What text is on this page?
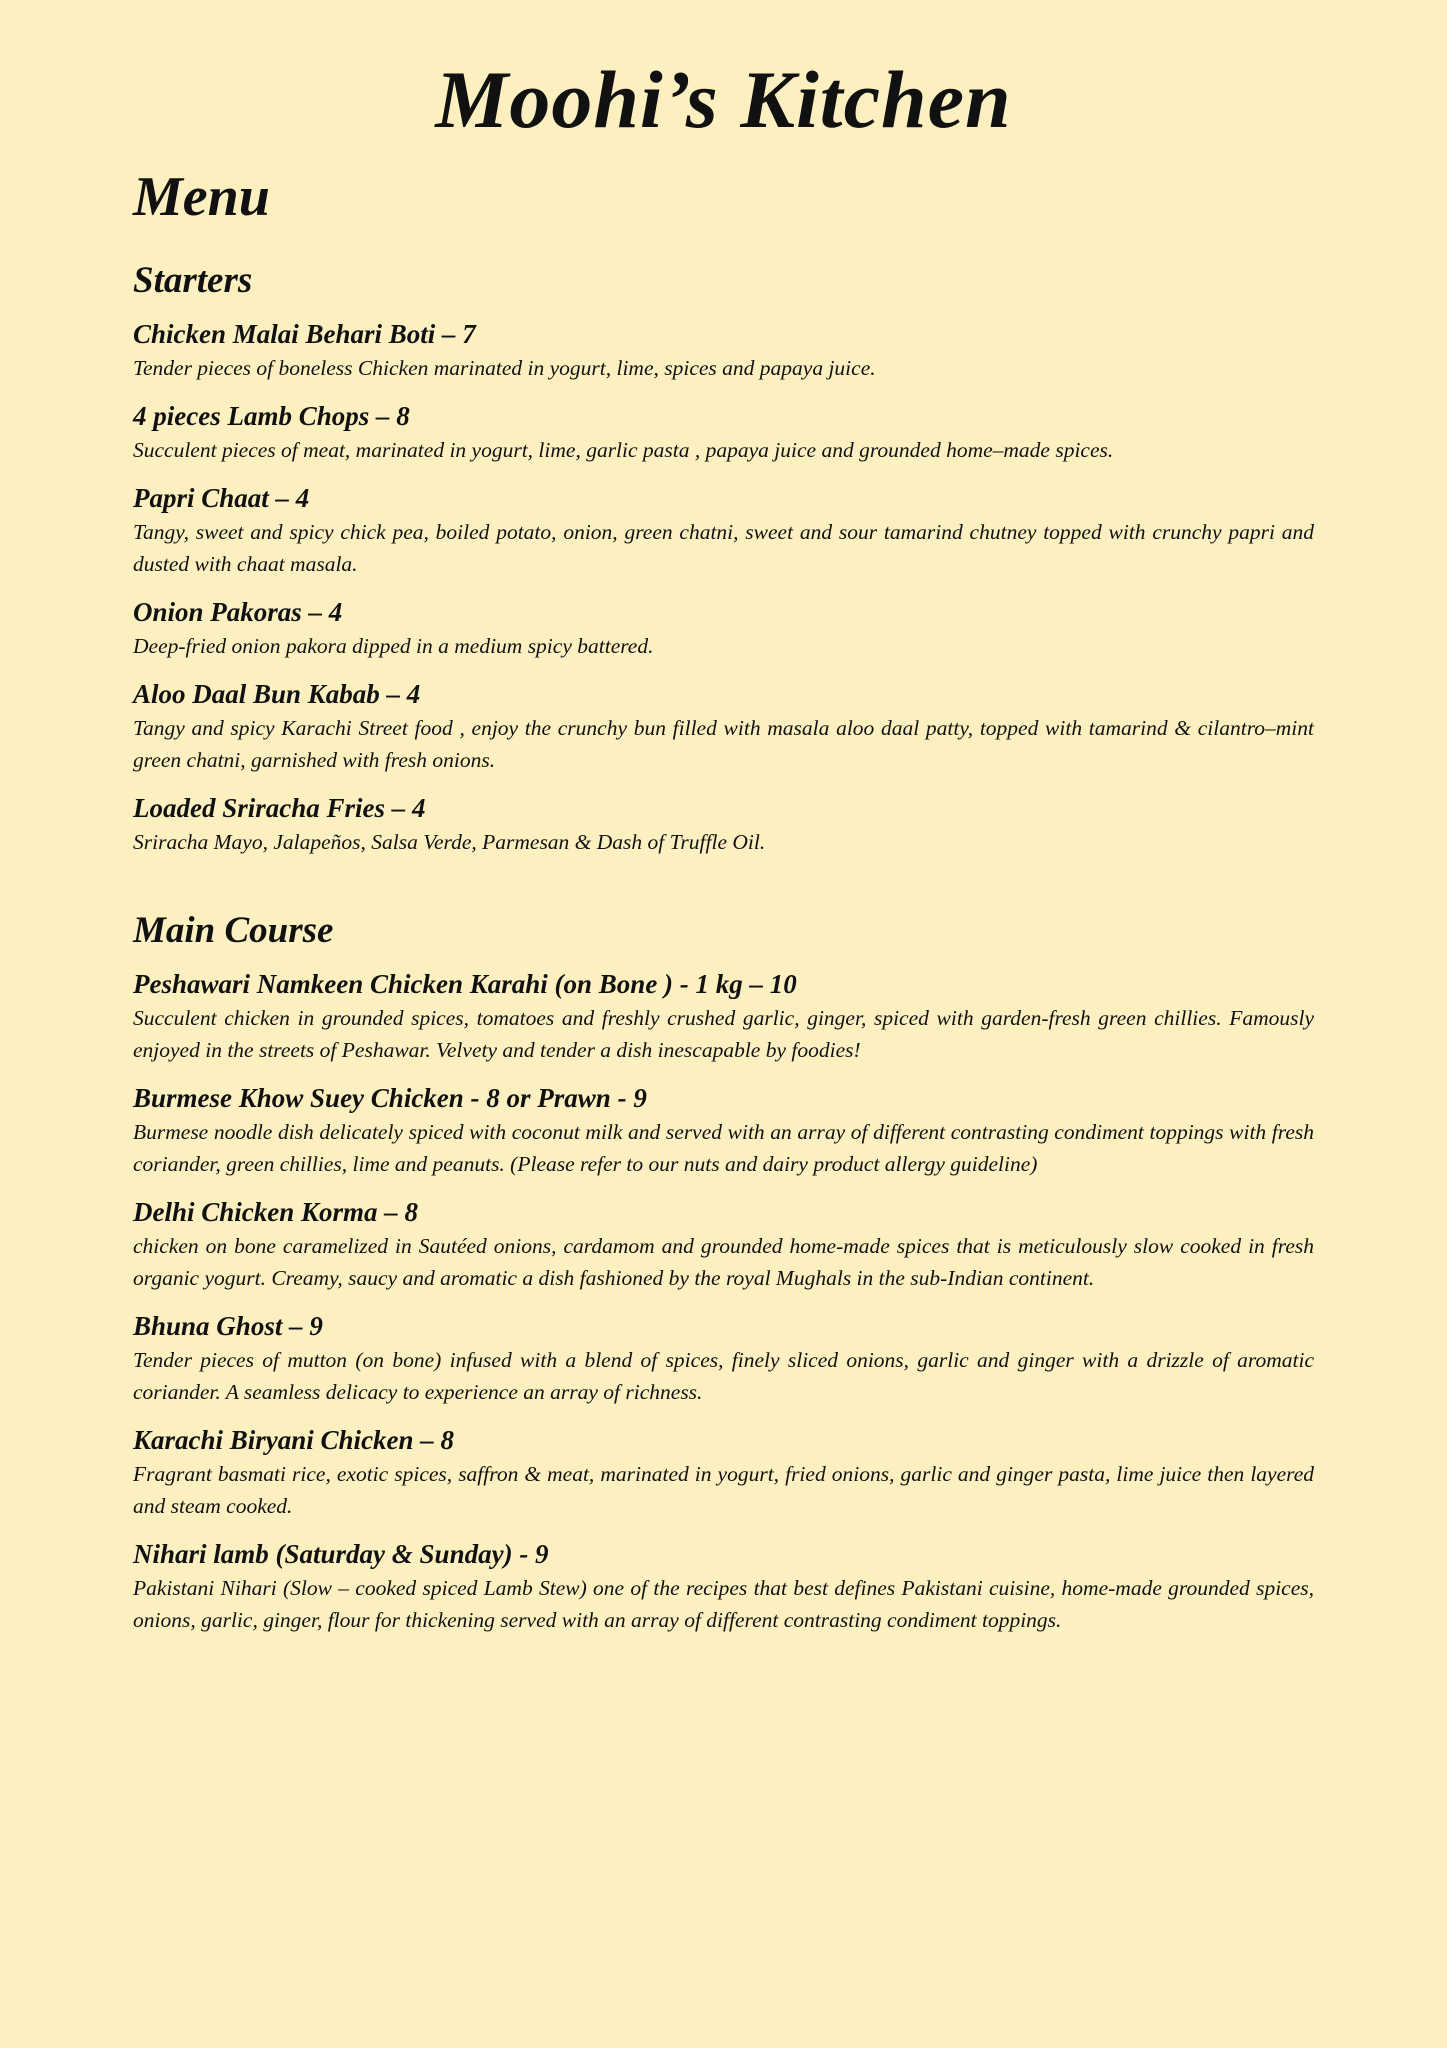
Moohi’s Kitchen
Menu
Starters
Chicken Malai Behari Boti – 7
Tender pieces of boneless Chicken marinated in yogurt, lime, spices and papaya juice.
4 pieces Lamb Chops – 8
Succulent pieces of meat, marinated in yogurt, lime, garlic pasta , papaya juice and grounded home–made spices.
Papri Chaat – 4
Tangy, sweet and spicy chick pea, boiled potato, onion, green chatni, sweet and sour tamarind chutney topped with crunchy papri and dusted with chaat masala.
Onion Pakoras – 4
Deep-fried onion pakora dipped in a medium spicy battered.
Aloo Daal Bun Kabab – 4
Tangy and spicy Karachi Street food , enjoy the crunchy bun filled with masala aloo daal patty, topped with tamarind & cilantro–mint green chatni, garnished with fresh onions.
Loaded Sriracha Fries – 4
Sriracha Mayo, Jalapeños, Salsa Verde, Parmesan & Dash of Truffle Oil.
Main Course
Peshawari Namkeen Chicken Karahi (on Bone ) - 1 kg – 10
Succulent chicken in grounded spices, tomatoes and freshly crushed garlic, ginger, spiced with garden-fresh green chillies. Famously enjoyed in the streets of Peshawar. Velvety and tender a dish inescapable by foodies!
Burmese Khow Suey Chicken - 8 or Prawn - 9
Burmese noodle dish delicately spiced with coconut milk and served with an array of different contrasting condiment toppings with fresh coriander, green chillies, lime and peanuts. (Please refer to our nuts and dairy product allergy guideline)
Delhi Chicken Korma – 8
chicken on bone caramelized in Sautéed onions, cardamom and grounded home-made spices that is meticulously slow cooked in fresh organic yogurt. Creamy, saucy and aromatic a dish fashioned by the royal Mughals in the sub-Indian continent.
Bhuna Ghost – 9
Tender pieces of mutton (on bone) infused with a blend of spices, finely sliced onions, garlic and ginger with a drizzle of aromatic coriander. A seamless delicacy to experience an array of richness.
Karachi Biryani Chicken – 8
Fragrant basmati rice, exotic spices, saffron & meat, marinated in yogurt, fried onions, garlic and ginger pasta, lime juice then layered and steam cooked.
Nihari lamb (Saturday & Sunday) - 9
Pakistani Nihari (Slow – cooked spiced Lamb Stew) one of the recipes that best defines Pakistani cuisine, home-made grounded spices, onions, garlic, ginger, flour for thickening served with an array of different contrasting condiment toppings.
